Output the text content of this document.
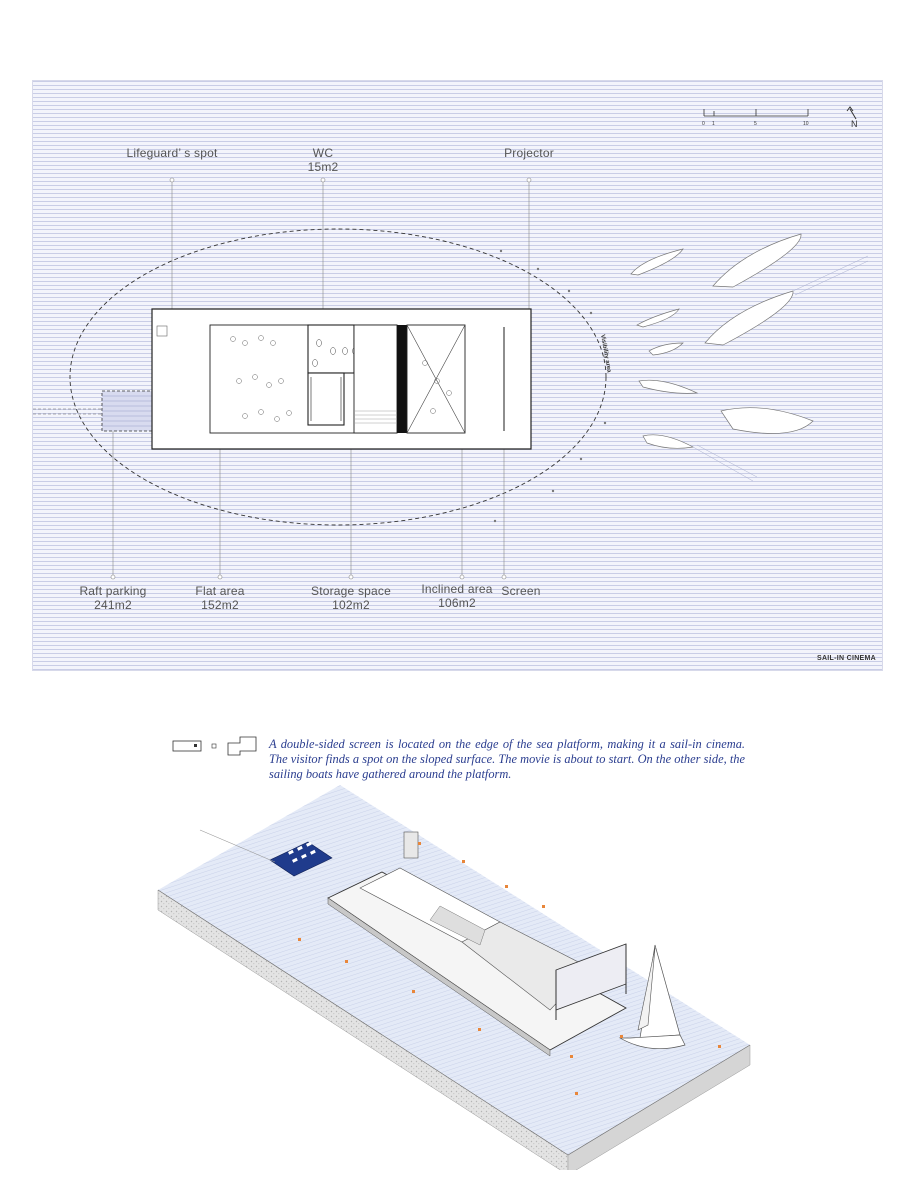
Visibility area
0 1	5	10	N
Lifeguard’ s spot	WC
15m2
Projector
Raft parking
241m2
Flat area
152m2
Storage space
102m2
Inclined area
106m2
Screen
SAIL-IN CINEMA

A double-sided screen is located on the edge of the sea platform, making it a sail-in cinema. The visitor finds a spot on the sloped surface. The movie is about to start. On the other side, the sailing boats have gathered around the platform.
